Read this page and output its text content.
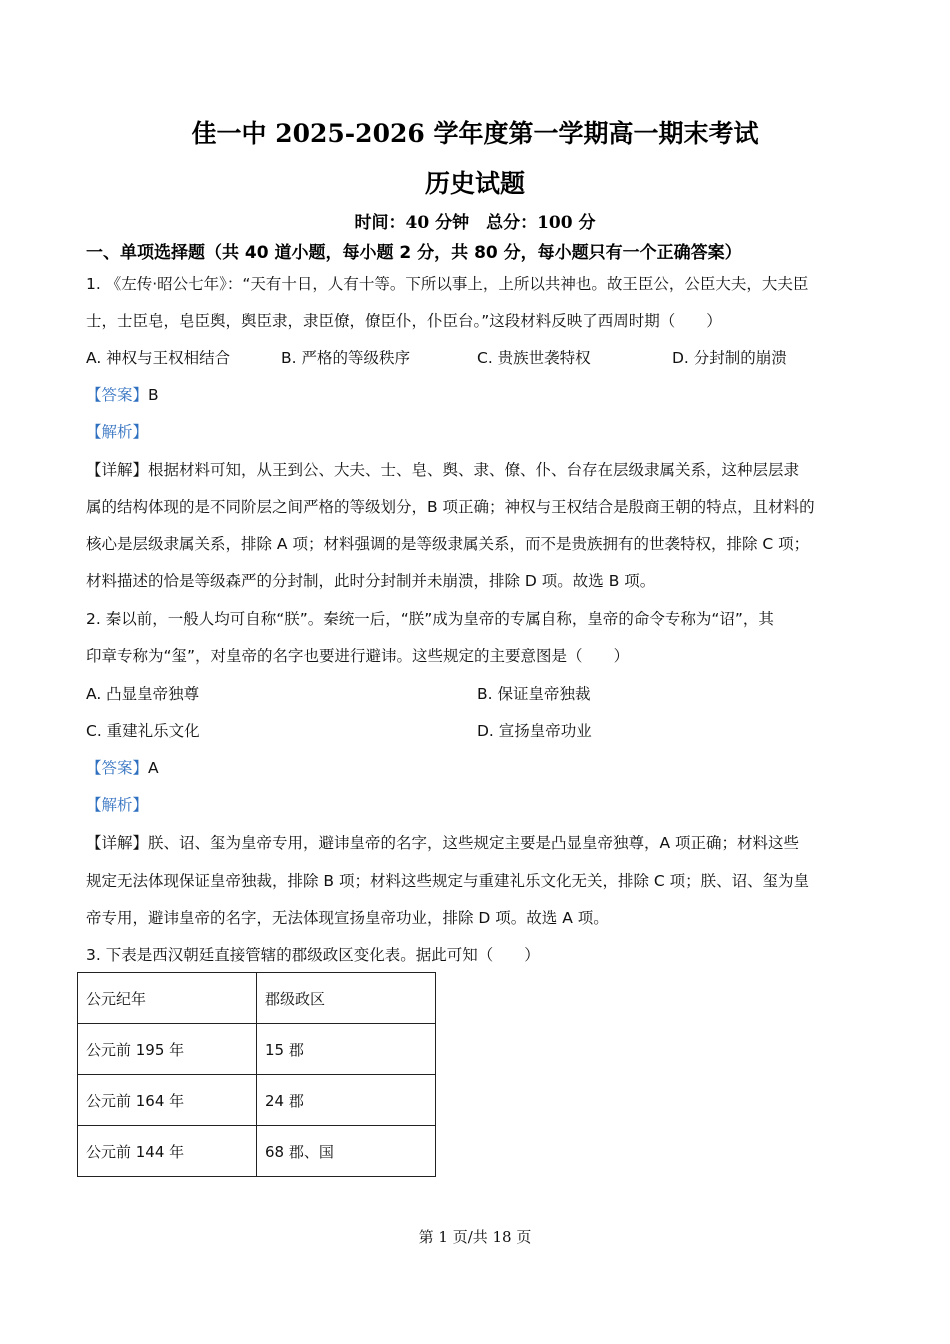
佳一中 2025-2026 学年度第一学期高一期末考试
历史试题
时间：40 分钟　总分：100 分
一、单项选择题（共 40 道小题，每小题 2 分，共 80 分，每小题只有一个正确答案）
1. 《左传·昭公七年》：“天有十日，人有十等。下所以事上，上所以共神也。故王臣公，公臣大夫，大夫臣
士，士臣皂，皂臣舆，舆臣隶，隶臣僚，僚臣仆，仆臣台。”这段材料反映了西周时期（　　）
A. 神权与王权相结合	B. 严格的等级秩序	C. 贵族世袭特权	D. 分封制的崩溃
【答案】B
【解析】
【详解】根据材料可知，从王到公、大夫、士、皂、舆、隶、僚、仆、台存在层级隶属关系，这种层层隶
属的结构体现的是不同阶层之间严格的等级划分，B 项正确；神权与王权结合是殷商王朝的特点，且材料的
核心是层级隶属关系，排除 A 项；材料强调的是等级隶属关系，而不是贵族拥有的世袭特权，排除 C 项；
材料描述的恰是等级森严的分封制，此时分封制并未崩溃，排除 D 项。故选 B 项。
2. 秦以前，一般人均可自称“朕”。秦统一后，“朕”成为皇帝的专属自称，皇帝的命令专称为“诏”，其
印章专称为“玺”，对皇帝的名字也要进行避讳。这些规定的主要意图是（　　）
A. 凸显皇帝独尊	B. 保证皇帝独裁
C. 重建礼乐文化	D. 宣扬皇帝功业
【答案】A
【解析】
【详解】朕、诏、玺为皇帝专用，避讳皇帝的名字，这些规定主要是凸显皇帝独尊，A 项正确；材料这些
规定无法体现保证皇帝独裁，排除 B 项；材料这些规定与重建礼乐文化无关，排除 C 项；朕、诏、玺为皇
帝专用，避讳皇帝的名字，无法体现宣扬皇帝功业，排除 D 项。故选 A 项。
3. 下表是西汉朝廷直接管辖的郡级政区变化表。据此可知（　　）
公元纪年	郡级政区
公元前 195 年	15 郡
公元前 164 年	24 郡
公元前 144 年	68 郡、国
第 1 页/共 18 页
